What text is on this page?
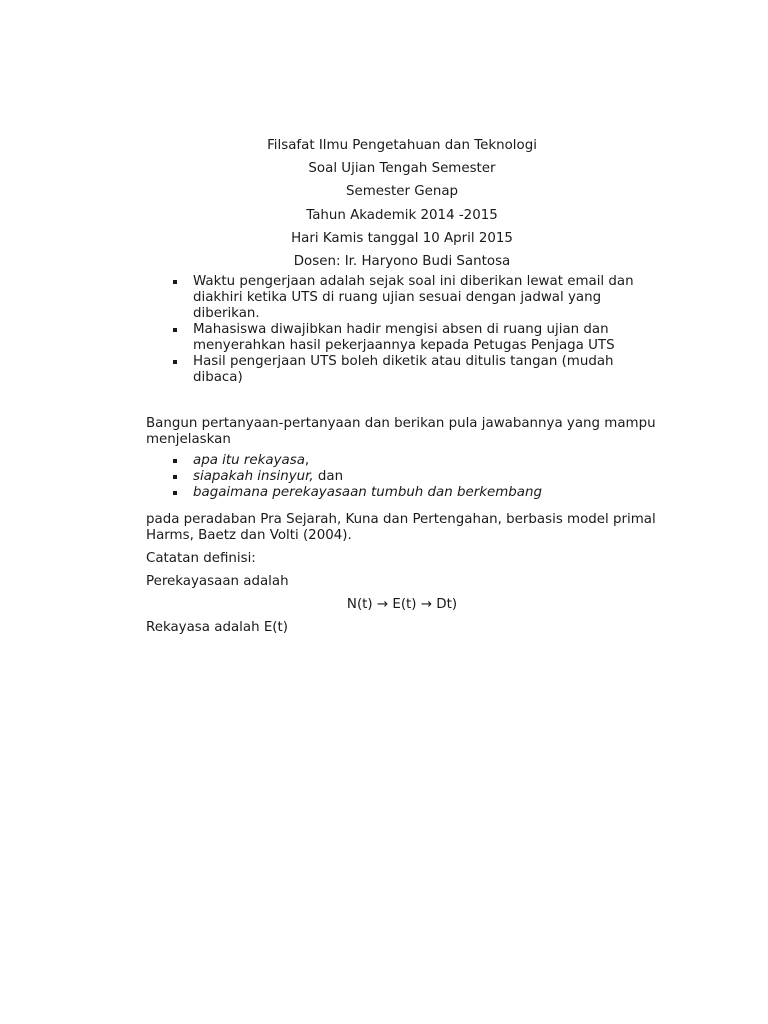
Filsafat Ilmu Pengetahuan dan Teknologi
Soal Ujian Tengah Semester
Semester Genap
Tahun Akademik 2014 -2015
Hari Kamis tanggal 10 April 2015
Dosen: Ir. Haryono Budi Santosa
Waktu pengerjaan adalah sejak soal ini diberikan lewat email dan diakhiri ketika UTS di ruang ujian sesuai dengan jadwal yang diberikan.
Mahasiswa diwajibkan hadir mengisi absen di ruang ujian dan menyerahkan hasil pekerjaannya kepada Petugas Penjaga UTS
Hasil pengerjaan UTS boleh diketik atau ditulis tangan (mudah dibaca)
Bangun pertanyaan-pertanyaan dan berikan pula jawabannya yang mampu menjelaskan
apa itu rekayasa,
siapakah insinyur, dan
bagaimana perekayasaan tumbuh dan berkembang
pada peradaban Pra Sejarah, Kuna dan Pertengahan, berbasis model primal Harms, Baetz dan Volti (2004).
Catatan definisi:
Perekayasaan adalah
N(t) → E(t) → Dt)
Rekayasa adalah E(t)
